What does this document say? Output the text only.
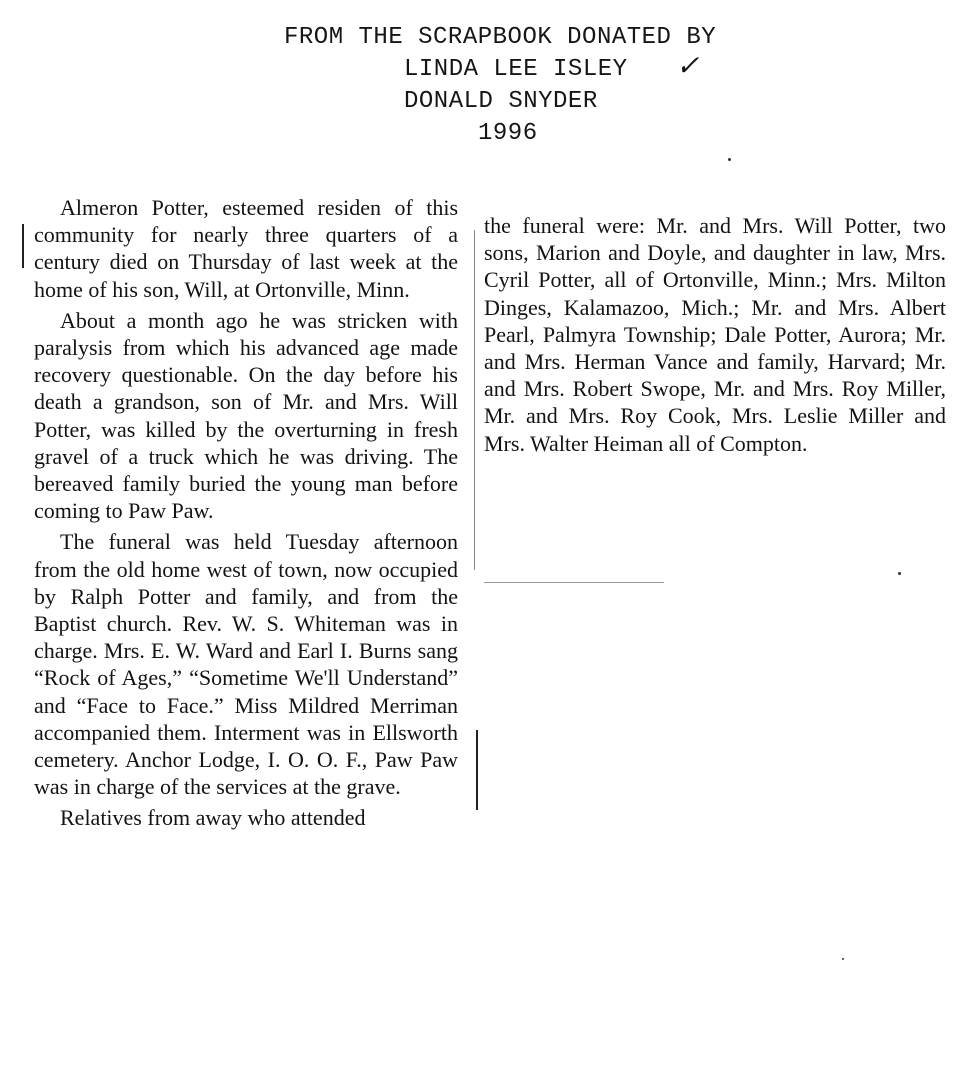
FROM THE SCRAPBOOK DONATED BY
LINDA LEE ISLEY ✓
DONALD SNYDER
1996

Almeron Potter, esteemed residen of this community for nearly three quarters of a century died on Thursday of last week at the home of his son, Will, at Ortonville, Minn.

About a month ago he was stricken with paralysis from which his advanced age made recovery questionable. On the day before his death a grandson, son of Mr. and Mrs. Will Potter, was killed by the overturning in fresh gravel of a truck which he was driving. The bereaved family buried the young man before coming to Paw Paw.

The funeral was held Tuesday afternoon from the old home west of town, now occupied by Ralph Potter and family, and from the Baptist church. Rev. W. S. Whiteman was in charge. Mrs. E. W. Ward and Earl I. Burns sang “Rock of Ages,” “Sometime We'll Understand” and “Face to Face.” Miss Mildred Merriman accompanied them. Interment was in Ellsworth cemetery. Anchor Lodge, I. O. O. F., Paw Paw was in charge of the services at the grave.

Relatives from away who attended

the funeral were: Mr. and Mrs. Will Potter, two sons, Marion and Doyle, and daughter in law, Mrs. Cyril Potter, all of Ortonville, Minn.; Mrs. Milton Dinges, Kalamazoo, Mich.; Mr. and Mrs. Albert Pearl, Palmyra Township; Dale Potter, Aurora; Mr. and Mrs. Herman Vance and family, Harvard; Mr. and Mrs. Robert Swope, Mr. and Mrs. Roy Miller, Mr. and Mrs. Roy Cook, Mrs. Leslie Miller and Mrs. Walter Heiman all of Compton.
